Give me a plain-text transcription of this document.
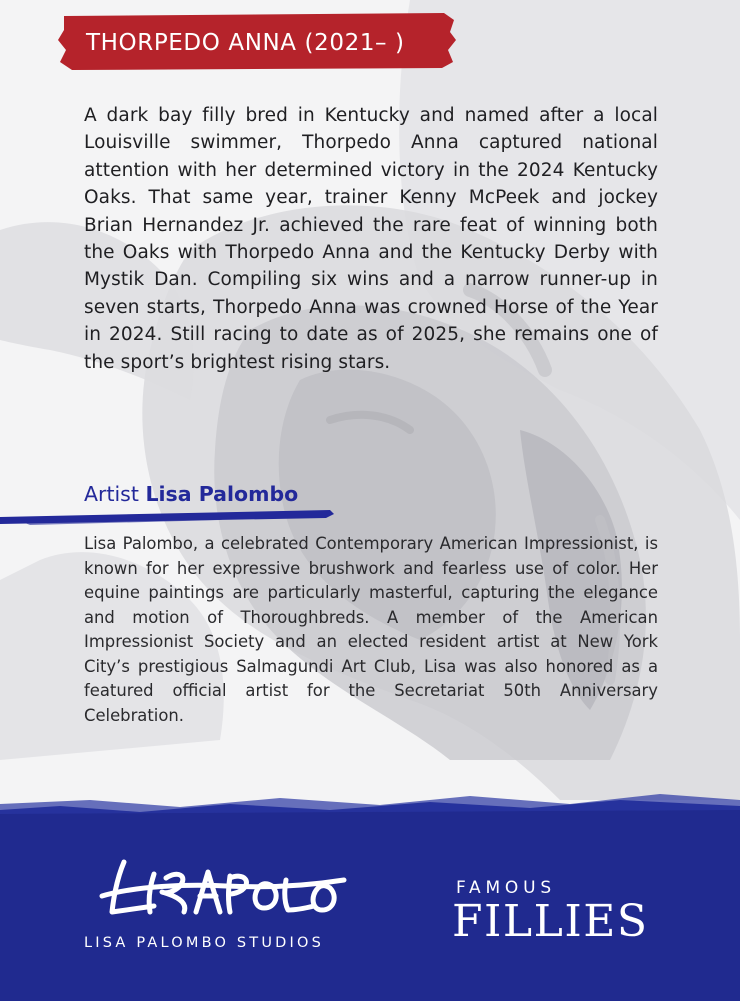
THORPEDO ANNA (2021– )

A dark bay filly bred in Kentucky and named after a local Louisville swimmer, Thorpedo Anna captured national attention with her determined victory in the 2024 Kentucky Oaks. That same year, trainer Kenny McPeek and jockey Brian Hernandez Jr. achieved the rare feat of winning both the Oaks with Thorpedo Anna and the Kentucky Derby with Mystik Dan. Compiling six wins and a narrow runner-up in seven starts, Thorpedo Anna was crowned Horse of the Year in 2024. Still racing to date as of 2025, she remains one of the sport’s brightest rising stars.

Artist Lisa Palombo

Lisa Palombo, a celebrated Contemporary American Impressionist, is known for her expressive brushwork and fearless use of color. Her equine paintings are particularly masterful, capturing the elegance and motion of Thoroughbreds. A member of the American Impressionist Society and an elected resident artist at New York City’s prestigious Salmagundi Art Club, Lisa was also honored as a featured official artist for the Secretariat 50th Anniversary Celebration.

LISA PALOMBO STUDIOS

FAMOUS

FILLIES
